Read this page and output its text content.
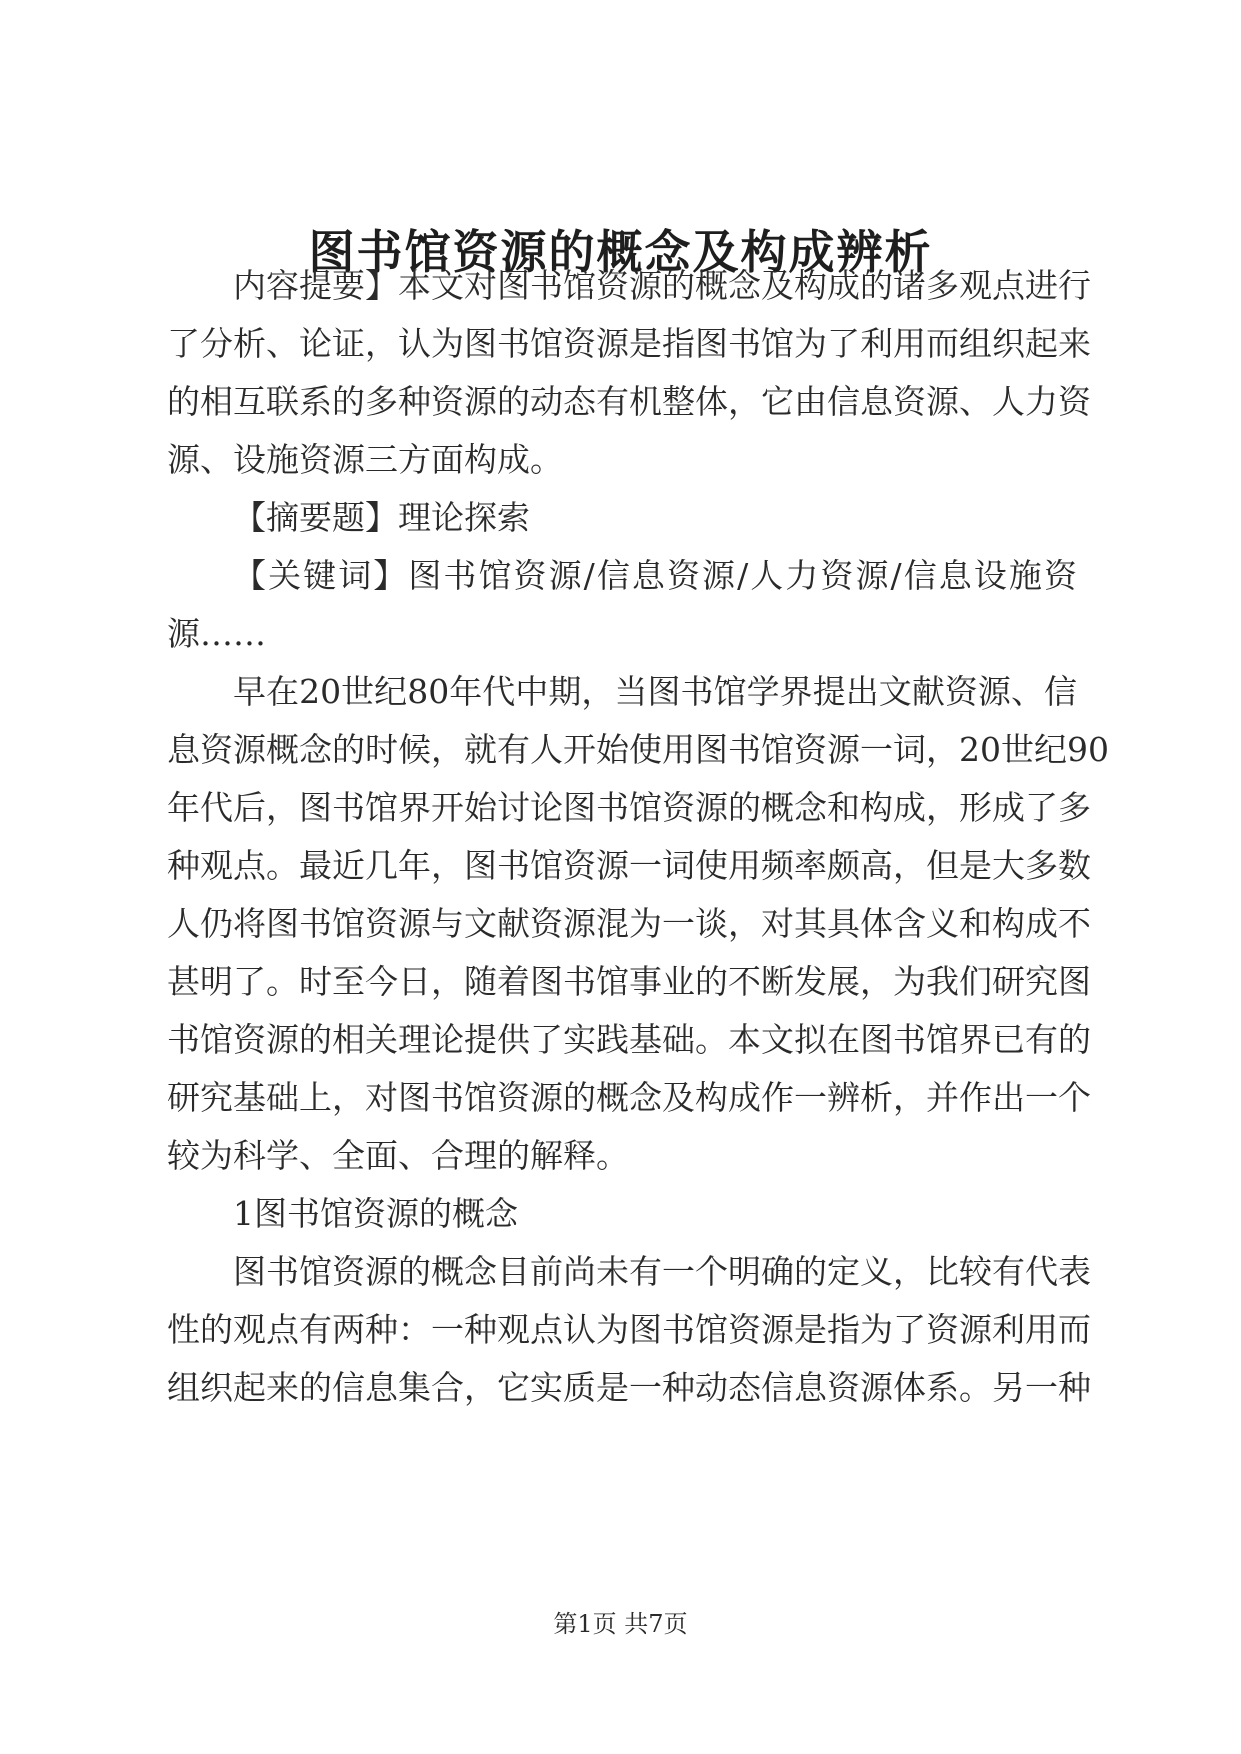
图书馆资源的概念及构成辨析
内容提要】本文对图书馆资源的概念及构成的诸多观点进行
了分析、论证，认为图书馆资源是指图书馆为了利用而组织起来
的相互联系的多种资源的动态有机整体，它由信息资源、人力资
源、设施资源三方面构成。
【摘要题】理论探索
【关键词】图书馆资源/信息资源/人力资源/信息设施资
源……
早在20世纪80年代中期，当图书馆学界提出文献资源、信
息资源概念的时候，就有人开始使用图书馆资源一词，20世纪90
年代后，图书馆界开始讨论图书馆资源的概念和构成，形成了多
种观点。最近几年，图书馆资源一词使用频率颇高，但是大多数
人仍将图书馆资源与文献资源混为一谈，对其具体含义和构成不
甚明了。时至今日，随着图书馆事业的不断发展，为我们研究图
书馆资源的相关理论提供了实践基础。本文拟在图书馆界已有的
研究基础上，对图书馆资源的概念及构成作一辨析，并作出一个
较为科学、全面、合理的解释。
1图书馆资源的概念
图书馆资源的概念目前尚未有一个明确的定义，比较有代表
性的观点有两种：一种观点认为图书馆资源是指为了资源利用而
组织起来的信息集合，它实质是一种动态信息资源体系。另一种
第1页 共7页
